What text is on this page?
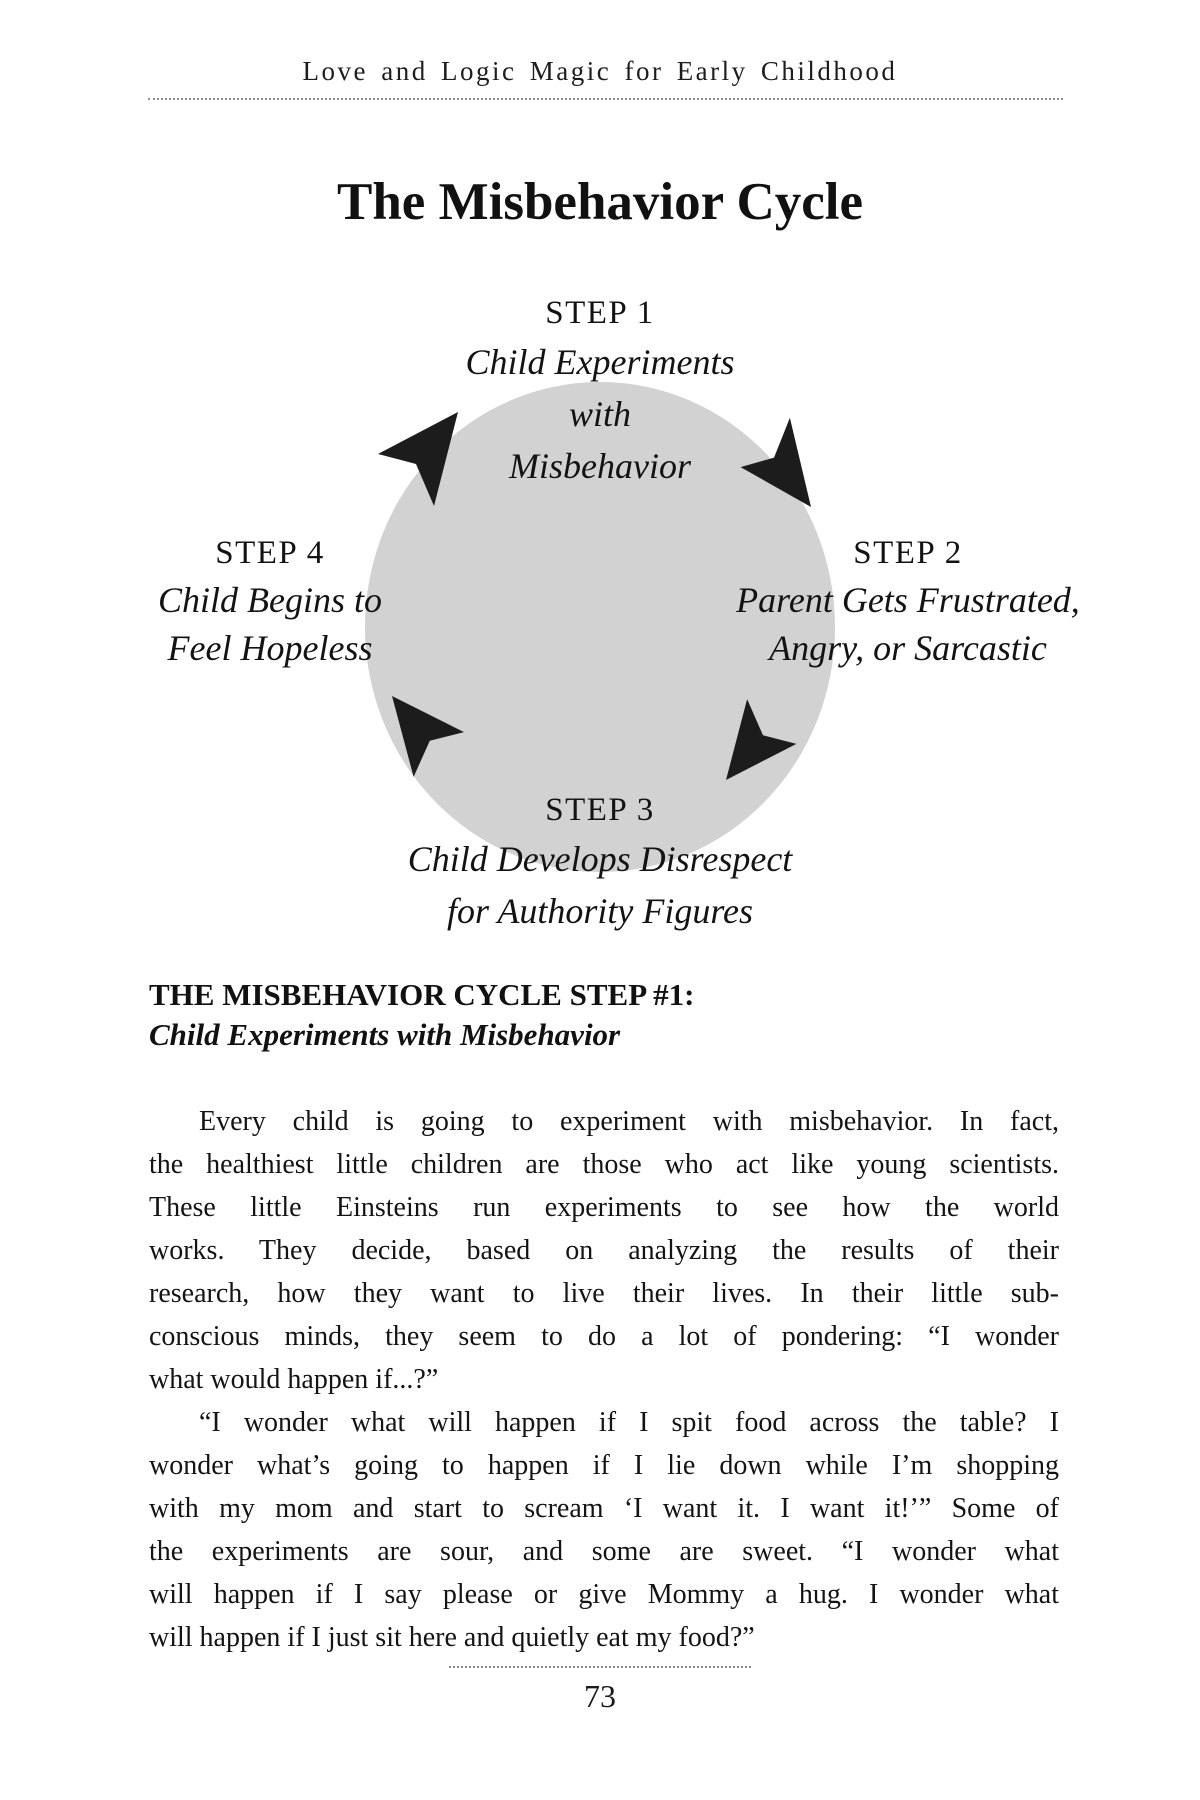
Love and Logic Magic for Early Childhood
The Misbehavior Cycle
STEP 1
Child Experiments
with
Misbehavior
STEP 2
Parent Gets Frustrated,
Angry, or Sarcastic
STEP 4
Child Begins to
Feel Hopeless
STEP 3
Child Develops Disrespect
for Authority Figures
THE MISBEHAVIOR CYCLE STEP #1:
Child Experiments with Misbehavior
Every child is going to experiment with misbehavior. In fact,
the healthiest little children are those who act like young scientists.
These little Einsteins run experiments to see how the world
works. They decide, based on analyzing the results of their
research, how they want to live their lives. In their little sub-
conscious minds, they seem to do a lot of pondering: “I wonder
what would happen if...?”
“I wonder what will happen if I spit food across the table? I
wonder what’s going to happen if I lie down while I’m shopping
with my mom and start to scream ‘I want it. I want it!’” Some of
the experiments are sour, and some are sweet. “I wonder what
will happen if I say please or give Mommy a hug. I wonder what
will happen if I just sit here and quietly eat my food?”
73
